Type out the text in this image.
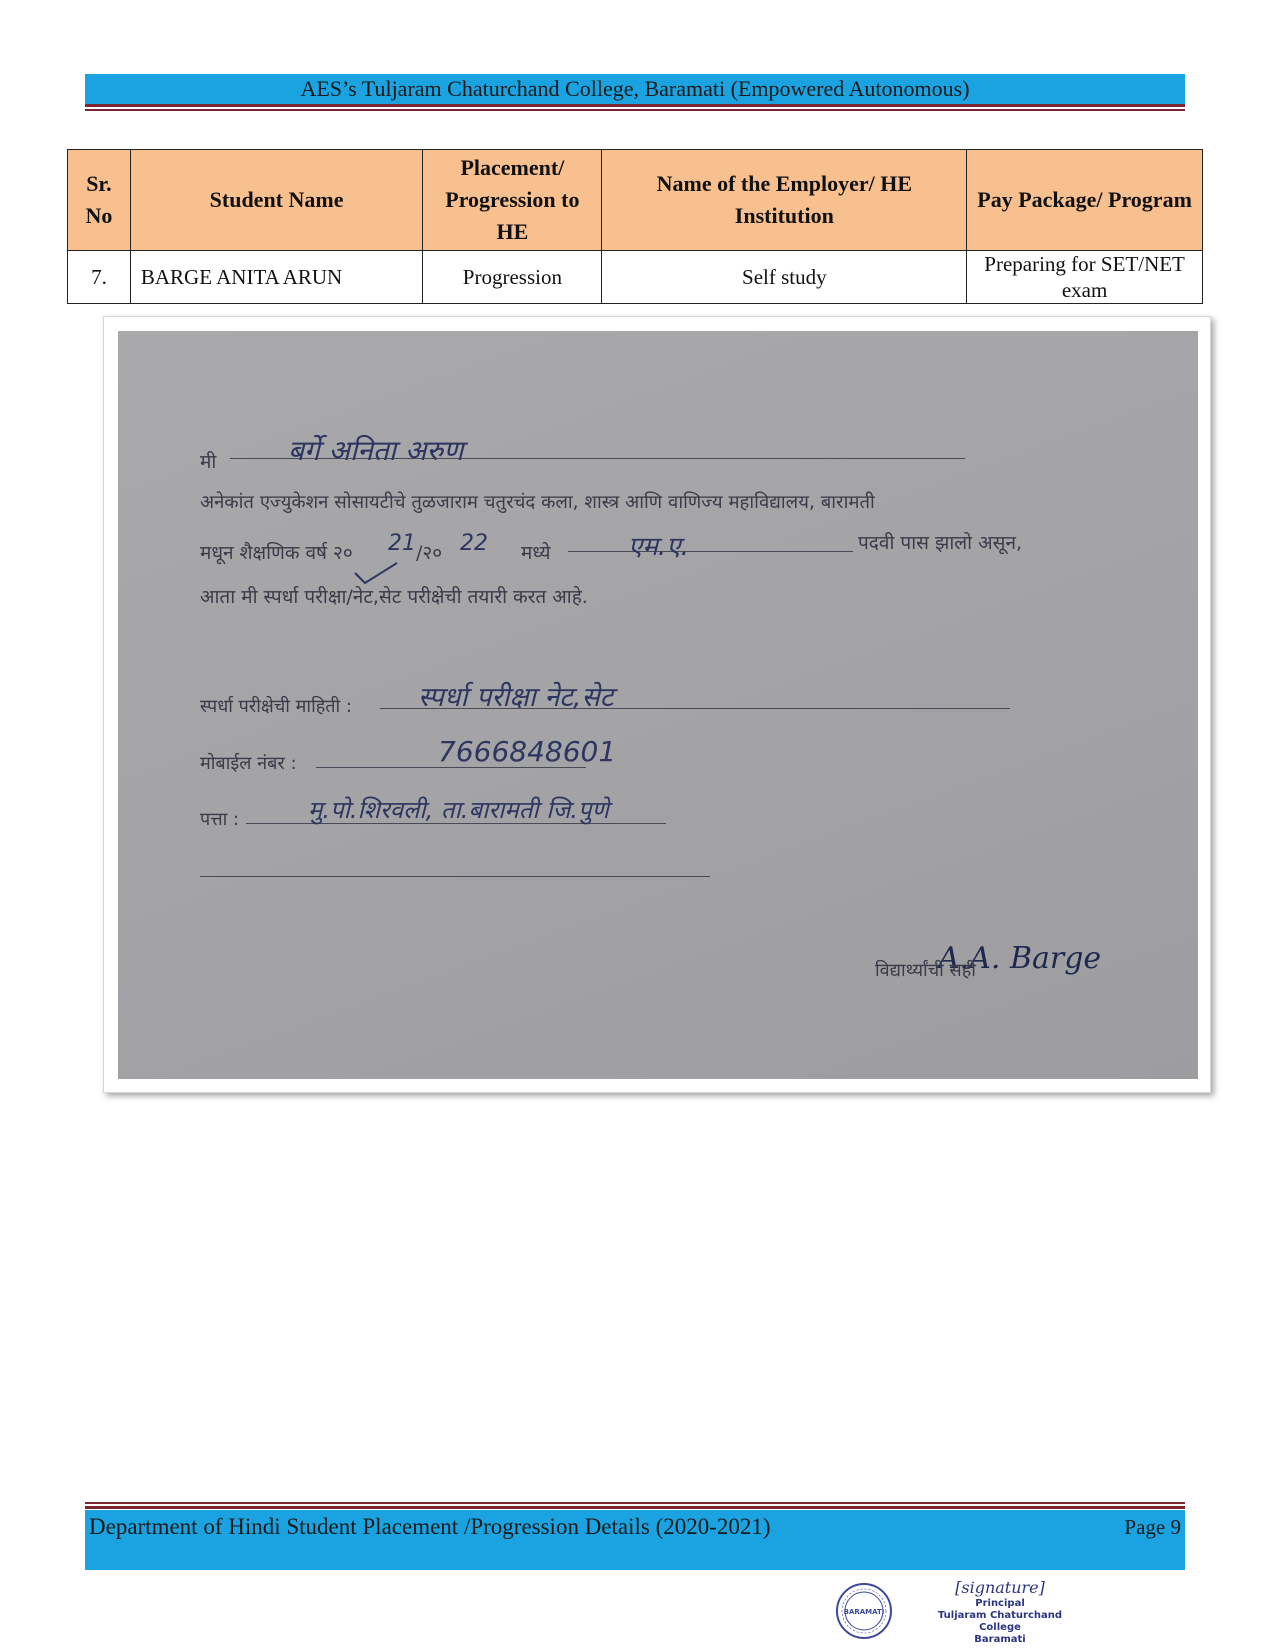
AES’s Tuljaram Chaturchand College, Baramati (Empowered Autonomous)
Sr. No	Student Name	Placement/ Progression to HE	Name of the Employer/ HE Institution	Pay Package/ Program
7.	BARGE ANITA ARUN	Progression	Self study	Preparing for SET/NET exam
मी	बर्गे अनिता अरुण
अनेकांत एज्युकेशन सोसायटीचे तुळजाराम चतुरचंद कला, शास्त्र आणि वाणिज्य महाविद्यालय, बारामती
मधून शैक्षणिक वर्ष २० 21 /२० 22 मध्ये	एम.ए.	पदवी पास झालो असून,
आता मी स्पर्धा परीक्षा/नेट,सेट परीक्षेची तयारी करत आहे.
स्पर्धा परीक्षेची माहिती : स्पर्धा परीक्षा नेट,सेट
मोबाईल नंबर :	7666848601
पत्ता :	मु.पो.शिरवली, ता.बारामती जि.पुणे
A.A. Barge
विद्यार्थ्यांची सही
Department of Hindi Student Placement /Progression Details (2020-2021)	Page 9
BARAMATI
[signature]
Principal
Tuljaram Chaturchand College
Baramati
